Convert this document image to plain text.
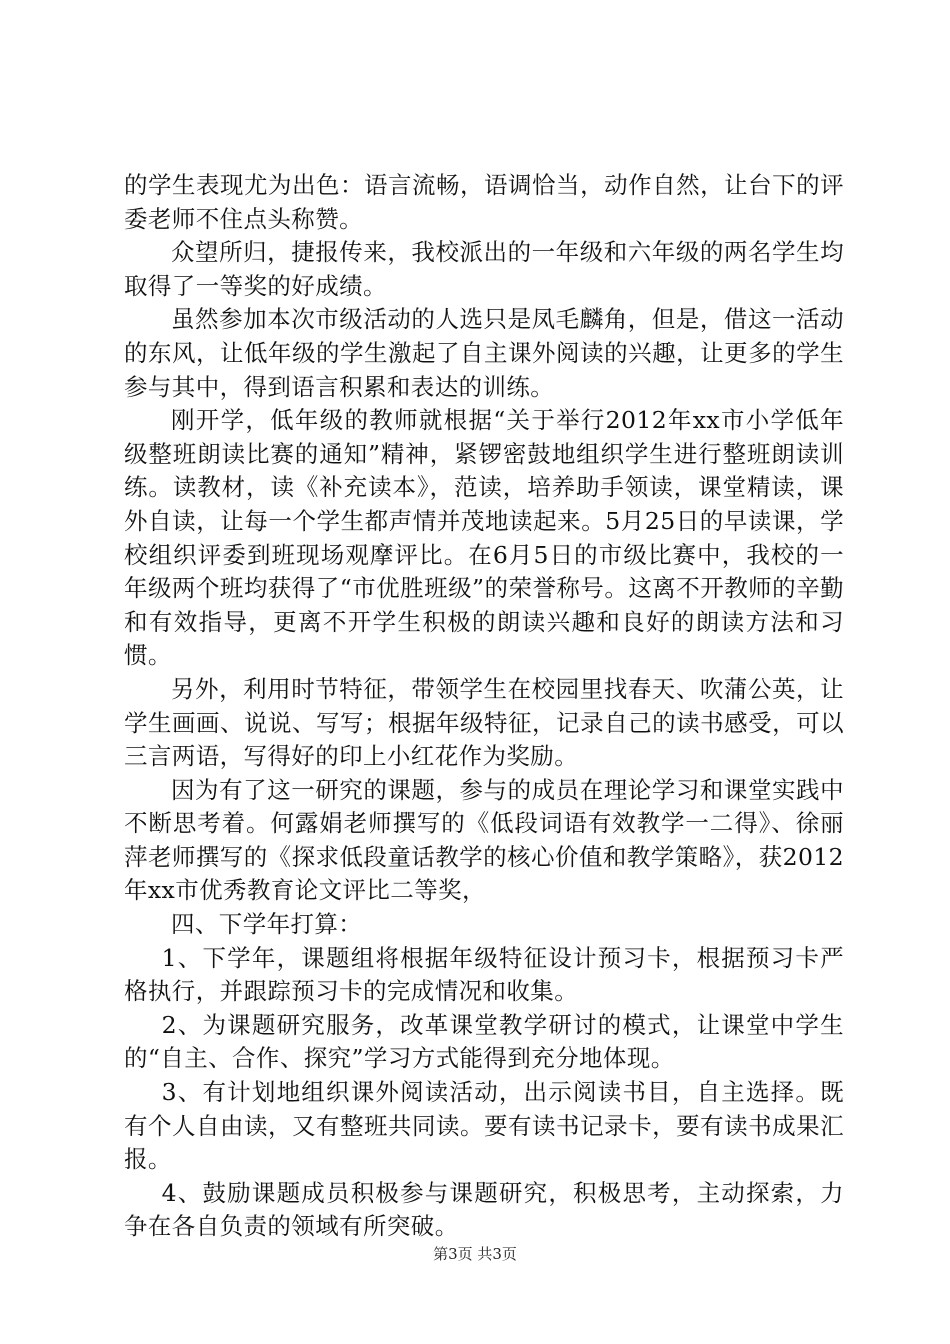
的学生表现尤为出色：语言流畅，语调恰当，动作自然，让台下的评委老师不住点头称赞。

众望所归，捷报传来，我校派出的一年级和六年级的两名学生均取得了一等奖的好成绩。

虽然参加本次市级活动的人选只是凤毛麟角，但是，借这一活动的东风，让低年级的学生激起了自主课外阅读的兴趣，让更多的学生参与其中，得到语言积累和表达的训练。

刚开学，低年级的教师就根据“关于举行2012年xx市小学低年级整班朗读比赛的通知”精神，紧锣密鼓地组织学生进行整班朗读训练。读教材，读《补充读本》，范读，培养助手领读，课堂精读，课外自读，让每一个学生都声情并茂地读起来。5月25日的早读课，学校组织评委到班现场观摩评比。在6月5日的市级比赛中，我校的一年级两个班均获得了“市优胜班级”的荣誉称号。这离不开教师的辛勤和有效指导，更离不开学生积极的朗读兴趣和良好的朗读方法和习惯。

另外，利用时节特征，带领学生在校园里找春天、吹蒲公英，让学生画画、说说、写写；根据年级特征，记录自己的读书感受，可以三言两语，写得好的印上小红花作为奖励。

因为有了这一研究的课题，参与的成员在理论学习和课堂实践中不断思考着。何露娟老师撰写的《低段词语有效教学一二得》、徐丽萍老师撰写的《探求低段童话教学的核心价值和教学策略》，获2012年xx市优秀教育论文评比二等奖，

四、下学年打算：

1、下学年，课题组将根据年级特征设计预习卡，根据预习卡严格执行，并跟踪预习卡的完成情况和收集。

2、为课题研究服务，改革课堂教学研讨的模式，让课堂中学生的“自主、合作、探究”学习方式能得到充分地体现。

3、有计划地组织课外阅读活动，出示阅读书目，自主选择。既有个人自由读，又有整班共同读。要有读书记录卡，要有读书成果汇报。

4、鼓励课题成员积极参与课题研究，积极思考，主动探索，力争在各自负责的领域有所突破。

第3页 共3页
